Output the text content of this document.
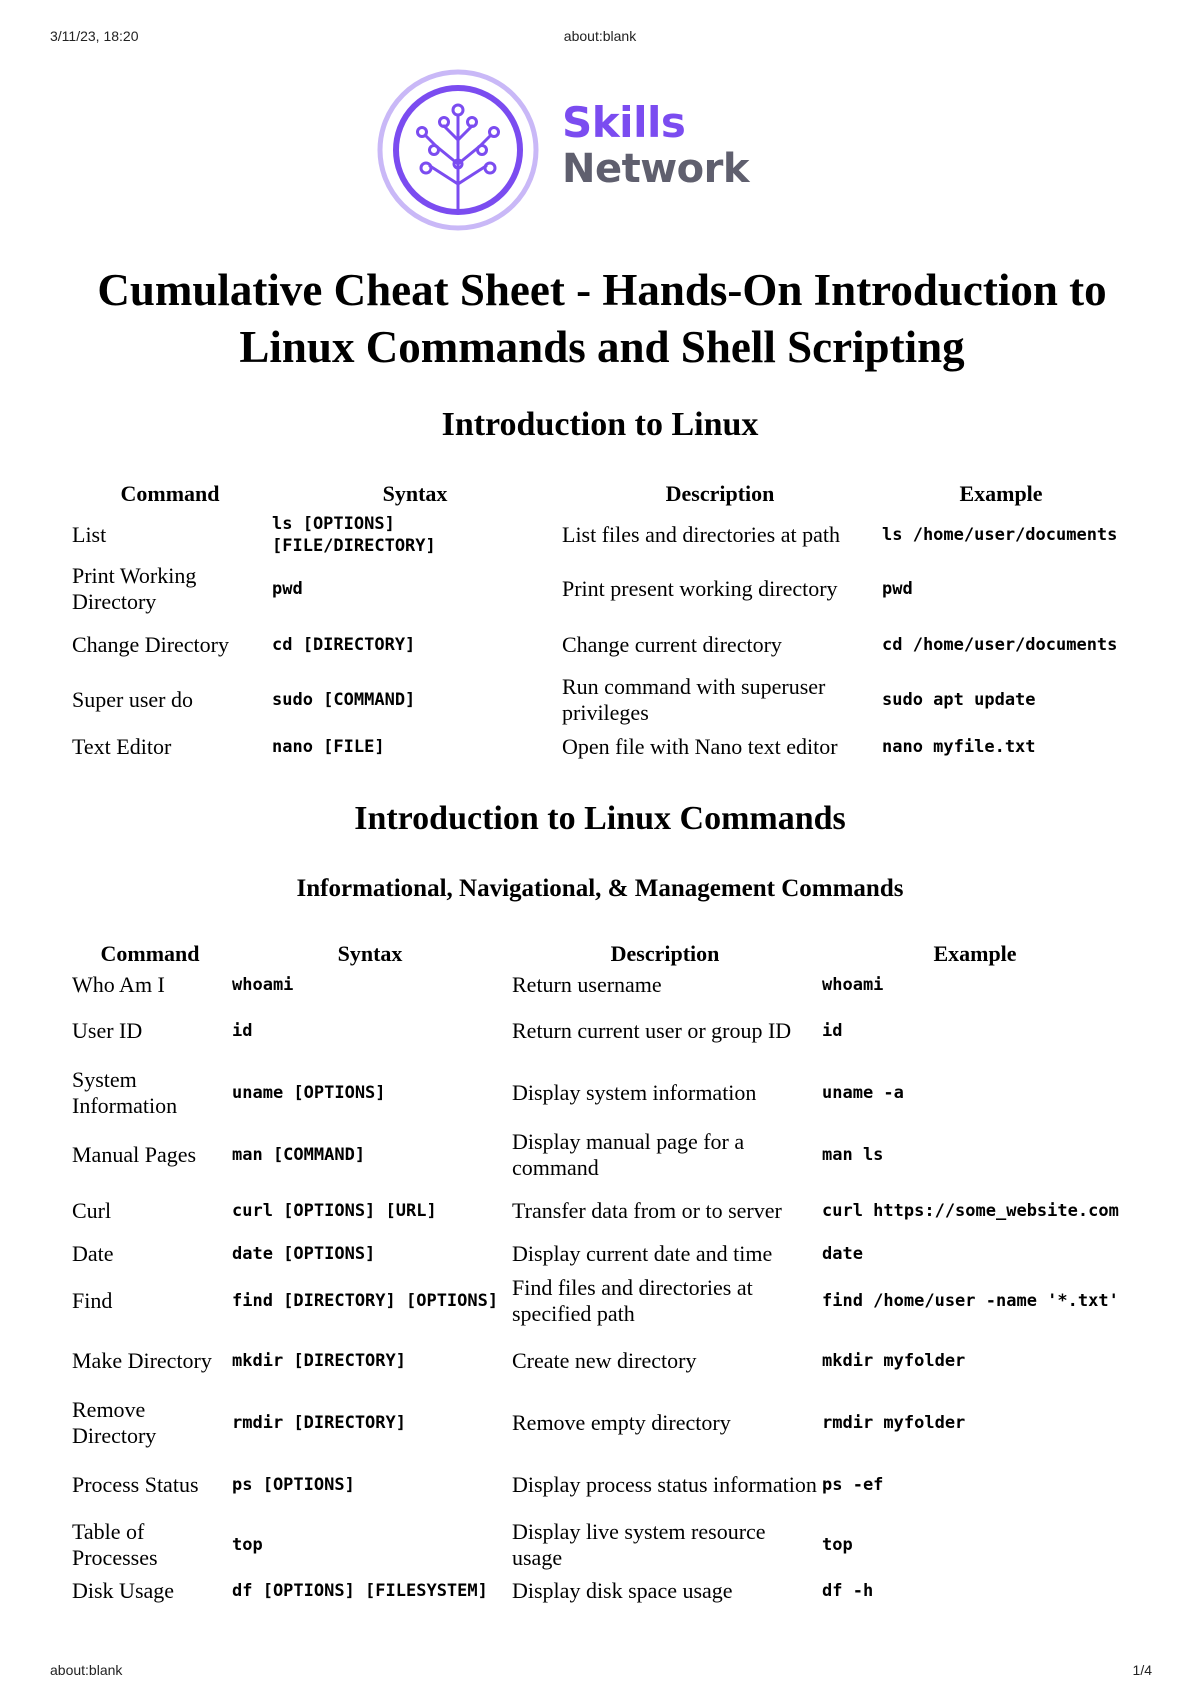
3/11/23, 18:20	about:blank
Skills
Network
Cumulative Cheat Sheet - Hands-On Introduction to Linux Commands and Shell Scripting
Introduction to Linux
Command	Syntax	Description	Example
List	ls [OPTIONS] [FILE/DIRECTORY]	List files and directories at path	ls /home/user/documents
Print Working Directory	pwd	Print present working directory	pwd
Change Directory	cd [DIRECTORY]	Change current directory	cd /home/user/documents
Super user do	sudo [COMMAND]	Run command with superuser privileges	sudo apt update
Text Editor	nano [FILE]	Open file with Nano text editor	nano myfile.txt
Introduction to Linux Commands
Informational, Navigational, & Management Commands
Command	Syntax	Description	Example
Who Am I	whoami	Return username	whoami
User ID	id	Return current user or group ID	id
System Information	uname [OPTIONS]	Display system information	uname -a
Manual Pages	man [COMMAND]	Display manual page for a command	man ls
Curl	curl [OPTIONS] [URL]	Transfer data from or to server	curl https://some_website.com
Date	date [OPTIONS]	Display current date and time	date
Find	find [DIRECTORY] [OPTIONS]	Find files and directories at specified path	find /home/user -name '*.txt'
Make Directory	mkdir [DIRECTORY]	Create new directory	mkdir myfolder
Remove Directory	rmdir [DIRECTORY]	Remove empty directory	rmdir myfolder
Process Status	ps [OPTIONS]	Display process status information	ps -ef
Table of Processes	top	Display live system resource usage	top
Disk Usage	df [OPTIONS] [FILESYSTEM]	Display disk space usage	df -h
about:blank	1/4
